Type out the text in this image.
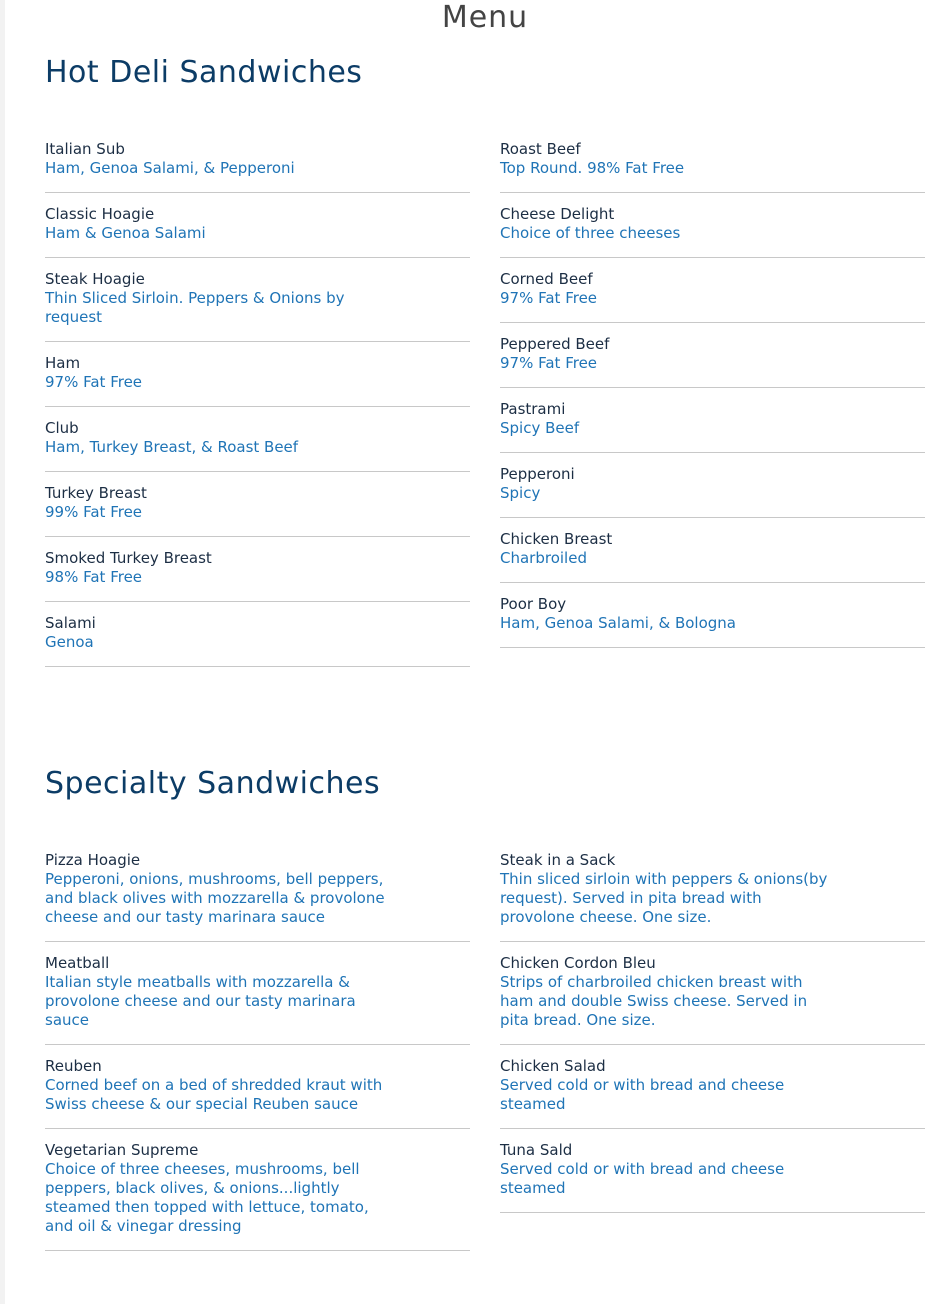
Menu
Hot Deli Sandwiches
Italian Sub
Ham, Genoa Salami, & Pepperoni
Classic Hoagie
Ham & Genoa Salami
Steak Hoagie
Thin Sliced Sirloin. Peppers & Onions by request
Ham
97% Fat Free
Club
Ham, Turkey Breast, & Roast Beef
Turkey Breast
99% Fat Free
Smoked Turkey Breast
98% Fat Free
Salami
Genoa
Roast Beef
Top Round. 98% Fat Free
Cheese Delight
Choice of three cheeses
Corned Beef
97% Fat Free
Peppered Beef
97% Fat Free
Pastrami
Spicy Beef
Pepperoni
Spicy
Chicken Breast
Charbroiled
Poor Boy
Ham, Genoa Salami, & Bologna
Specialty Sandwiches
Pizza Hoagie
Pepperoni, onions, mushrooms, bell peppers, and black olives with mozzarella & provolone cheese and our tasty marinara sauce
Meatball
Italian style meatballs with mozzarella & provolone cheese and our tasty marinara sauce
Reuben
Corned beef on a bed of shredded kraut with Swiss cheese & our special Reuben sauce
Vegetarian Supreme
Choice of three cheeses, mushrooms, bell peppers, black olives, & onions...lightly steamed then topped with lettuce, tomato, and oil & vinegar dressing
Steak in a Sack
Thin sliced sirloin with peppers & onions(by request). Served in pita bread with provolone cheese. One size.
Chicken Cordon Bleu
Strips of charbroiled chicken breast with ham and double Swiss cheese. Served in pita bread. One size.
Chicken Salad
Served cold or with bread and cheese steamed
Tuna Sald
Served cold or with bread and cheese steamed
